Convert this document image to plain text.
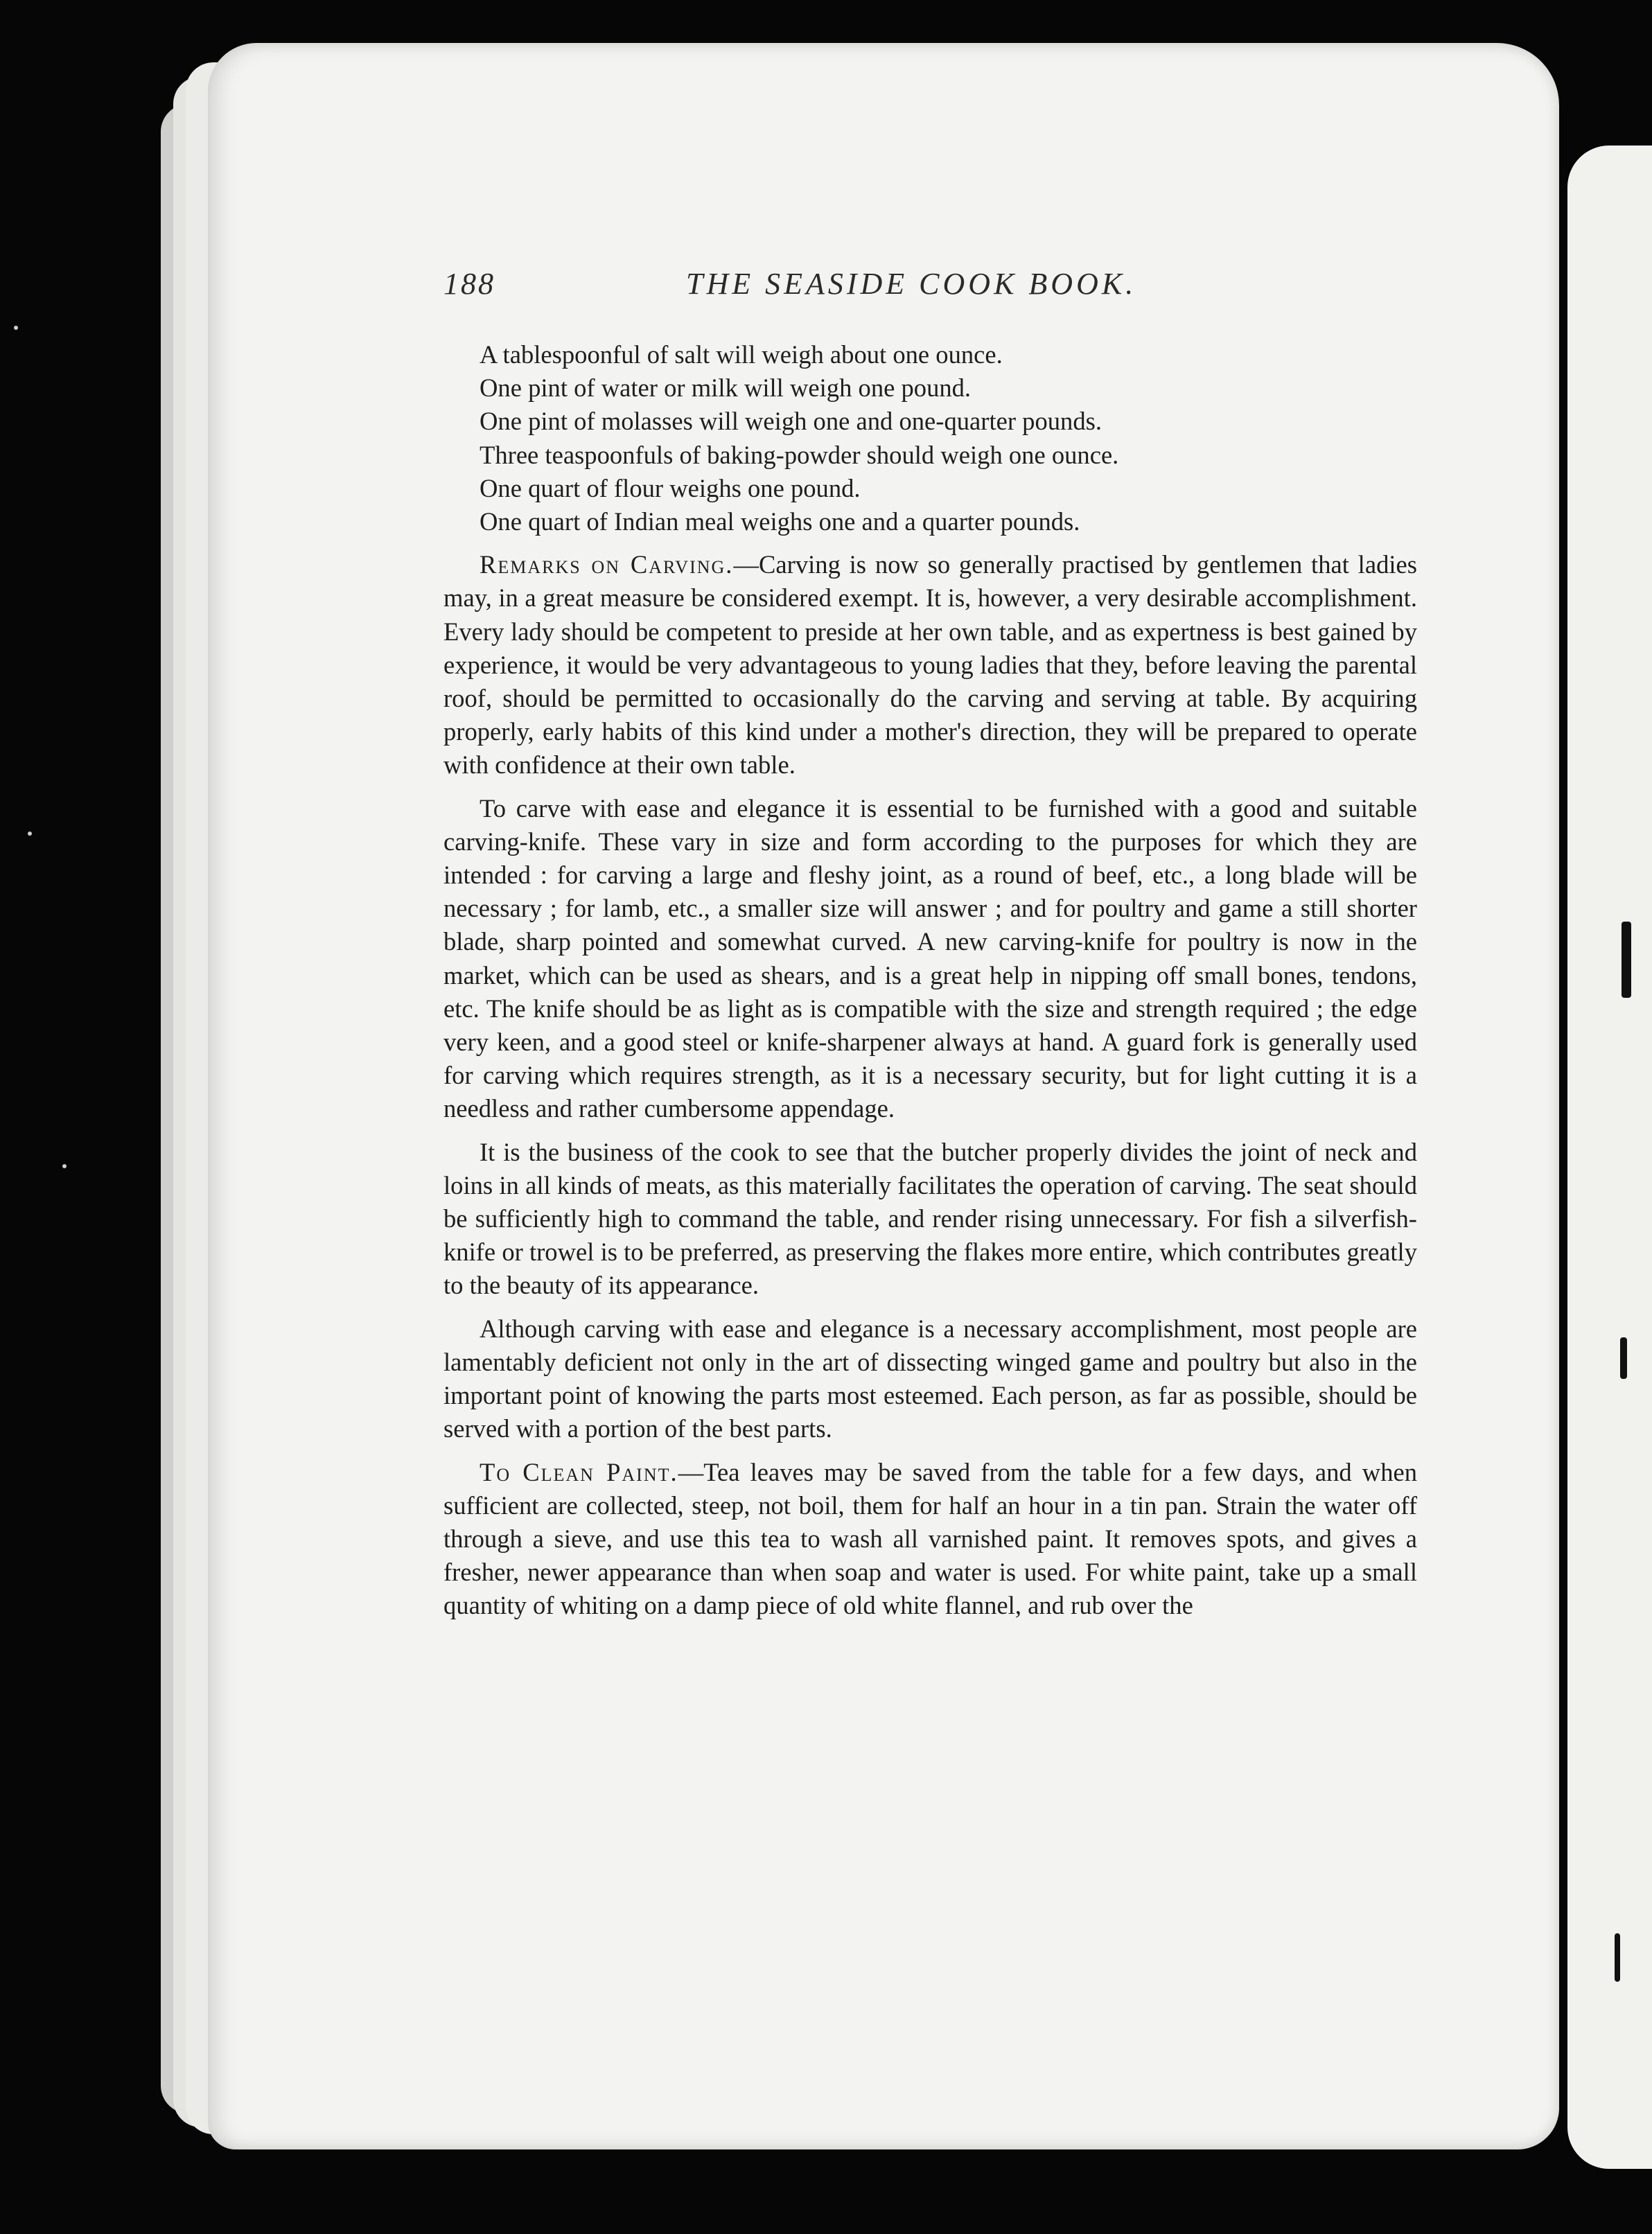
188	THE SEASIDE COOK BOOK.

A tablespoonful of salt will weigh about one ounce.

One pint of water or milk will weigh one pound.

One pint of molasses will weigh one and one-quarter pounds.

Three teaspoonfuls of baking-powder should weigh one ounce.

One quart of flour weighs one pound.

One quart of Indian meal weighs one and a quarter pounds.

Remarks on Carving.—Carving is now so generally practised by gentlemen that ladies may, in a great measure be considered exempt. It is, however, a very desirable accomplishment. Every lady should be competent to preside at her own table, and as expertness is best gained by experience, it would be very advantageous to young ladies that they, before leaving the parental roof, should be permitted to occasionally do the carving and serving at table. By acquiring properly, early habits of this kind under a mother's direction, they will be prepared to operate with confidence at their own table.

To carve with ease and elegance it is essential to be furnished with a good and suitable carving-knife. These vary in size and form according to the purposes for which they are intended : for carving a large and fleshy joint, as a round of beef, etc., a long blade will be necessary ; for lamb, etc., a smaller size will answer ; and for poultry and game a still shorter blade, sharp pointed and somewhat curved. A new carving-knife for poultry is now in the market, which can be used as shears, and is a great help in nipping off small bones, tendons, etc. The knife should be as light as is compatible with the size and strength required ; the edge very keen, and a good steel or knife-sharpener always at hand. A guard fork is generally used for carving which requires strength, as it is a necessary security, but for light cutting it is a needless and rather cumbersome appendage.

It is the business of the cook to see that the butcher properly divides the joint of neck and loins in all kinds of meats, as this materially facilitates the operation of carving. The seat should be sufficiently high to command the table, and render rising unnecessary. For fish a silverfish-knife or trowel is to be preferred, as preserving the flakes more entire, which contributes greatly to the beauty of its appearance.

Although carving with ease and elegance is a necessary accomplishment, most people are lamentably deficient not only in the art of dissecting winged game and poultry but also in the important point of knowing the parts most esteemed. Each person, as far as possible, should be served with a portion of the best parts.

To Clean Paint.—Tea leaves may be saved from the table for a few days, and when sufficient are collected, steep, not boil, them for half an hour in a tin pan. Strain the water off through a sieve, and use this tea to wash all varnished paint. It removes spots, and gives a fresher, newer appearance than when soap and water is used. For white paint, take up a small quantity of whiting on a damp piece of old white flannel, and rub over the
